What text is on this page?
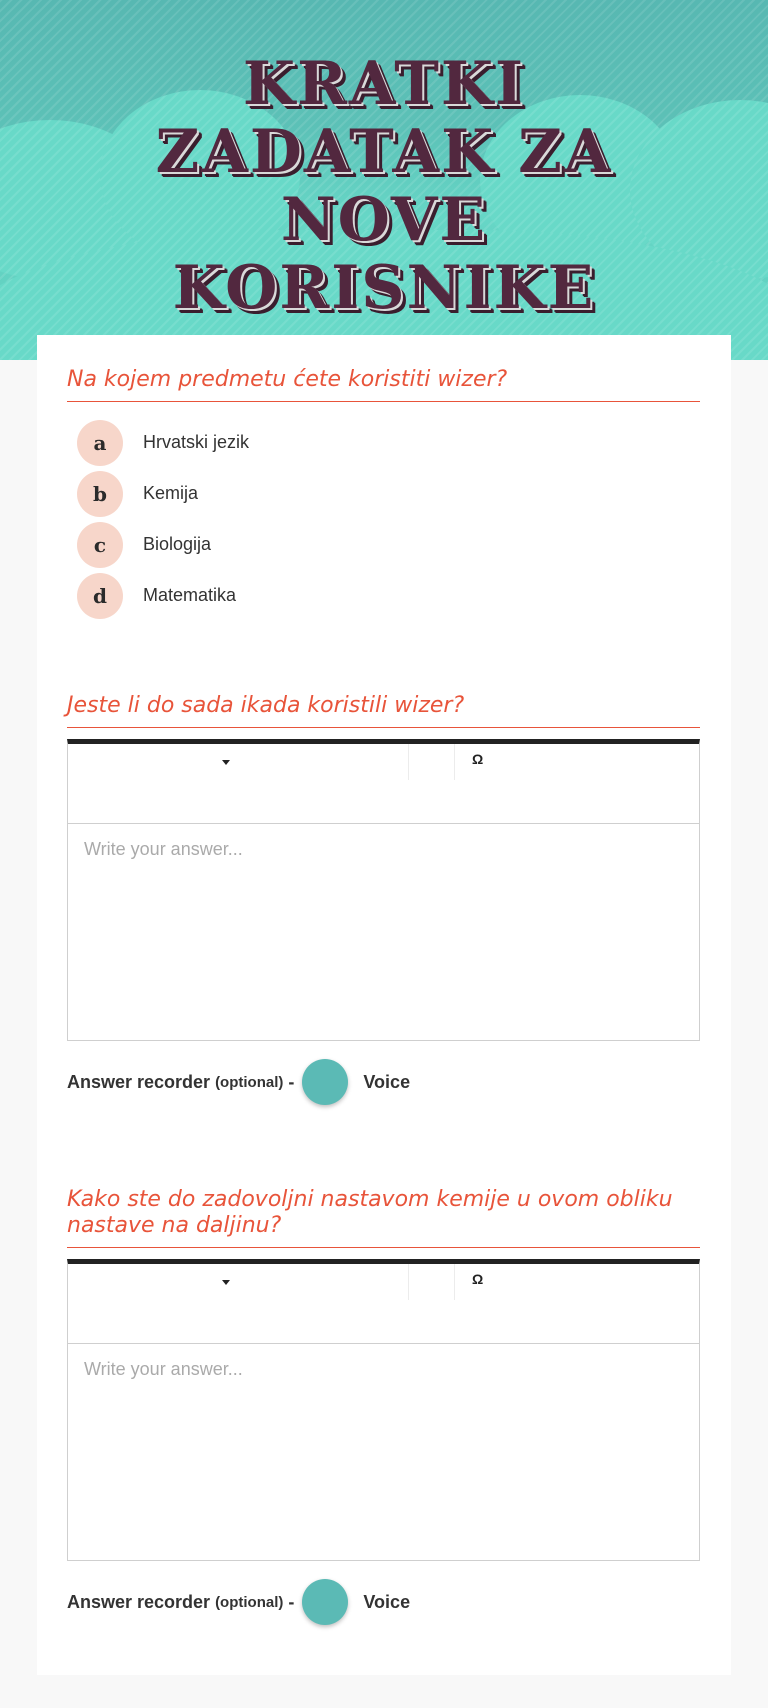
KRATKI
ZADATAK ZA
NOVE
KORISNIKE
Na kojem predmetu ćete koristiti wizer?
a	Hrvatski jezik
b	Kemija
c	Biologija
d	Matematika
Jeste li do sada ikada koristili wizer?
Ω
Write your answer...
Answer recorder (optional) -	Voice
Kako ste do zadovoljni nastavom kemije u ovom obliku nastave na daljinu?
Ω
Write your answer...
Answer recorder (optional) -	Voice
